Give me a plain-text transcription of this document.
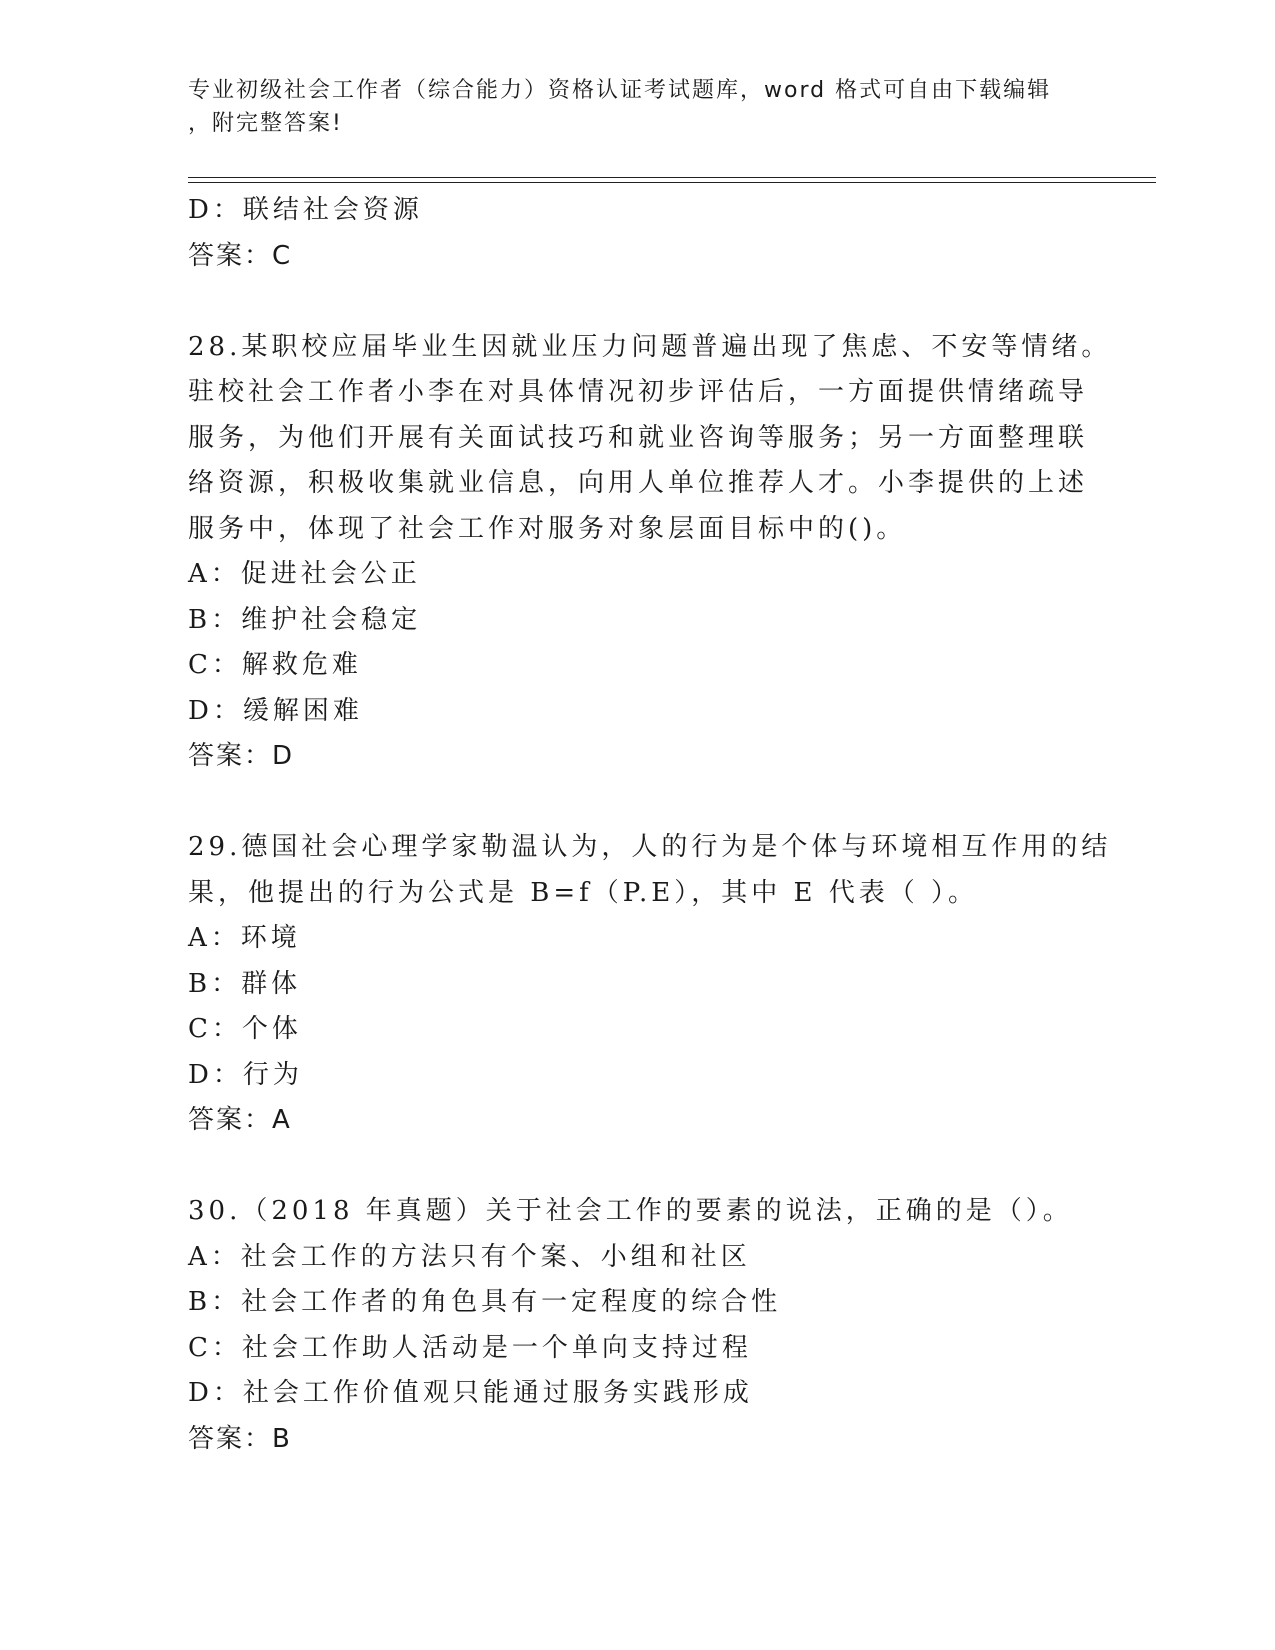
专业初级社会工作者（综合能力）资格认证考试题库，word 格式可自由下载编辑
，附完整答案!
D：联结社会资源
答案：C
28.某职校应届毕业生因就业压力问题普遍出现了焦虑、不安等情绪。
驻校社会工作者小李在对具体情况初步评估后，一方面提供情绪疏导
服务，为他们开展有关面试技巧和就业咨询等服务；另一方面整理联
络资源，积极收集就业信息，向用人单位推荐人才。小李提供的上述
服务中，体现了社会工作对服务对象层面目标中的()。
A：促进社会公正
B：维护社会稳定
C：解救危难
D：缓解困难
答案：D
29.德国社会心理学家勒温认为，人的行为是个体与环境相互作用的结
果，他提出的行为公式是 B=f（P.E），其中 E 代表（ ）。
A：环境
B：群体
C：个体
D：行为
答案：A
30.（2018 年真题）关于社会工作的要素的说法，正确的是（）。
A：社会工作的方法只有个案、小组和社区
B：社会工作者的角色具有一定程度的综合性
C：社会工作助人活动是一个单向支持过程
D：社会工作价值观只能通过服务实践形成
答案：B
